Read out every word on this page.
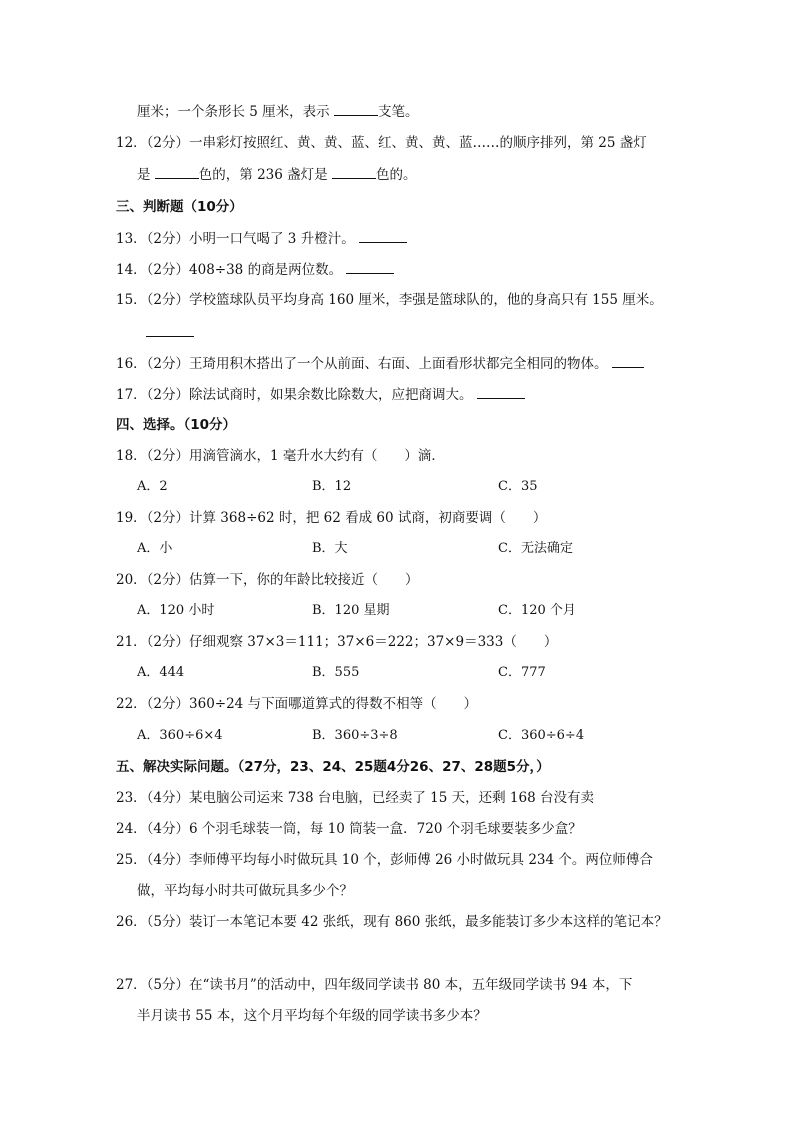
厘米；一个条形长 5 厘米，表示	支笔。
12．（2分）一串彩灯按照红、黄、黄、蓝、红、黄、黄、蓝……的顺序排列，第 25 盏灯
是	色的，第 236 盏灯是	色的。
三、判断题（10分）
13．（2分）小明一口气喝了 3 升橙汁。
14．（2分）408÷38 的商是两位数。
15．（2分）学校篮球队员平均身高 160 厘米，李强是篮球队的，他的身高只有 155 厘米。
16．（2分）王琦用积木搭出了一个从前面、右面、上面看形状都完全相同的物体。
17．（2分）除法试商时，如果余数比除数大，应把商调大。
四、选择。（10分）
18．（2分）用滴管滴水，1 毫升水大约有（　　）滴．
A．2	B．12	C．35
19．（2分）计算 368÷62 时，把 62 看成 60 试商，初商要调（　　）
A．小	B．大	C．无法确定
20．（2分）估算一下，你的年龄比较接近（　　）
A．120 小时	B．120 星期	C．120 个月
21．（2分）仔细观察 37×3＝111；37×6＝222；37×9＝333（　　）
A．444	B．555	C．777
22．（2分）360÷24 与下面哪道算式的得数不相等（　　）
A．360÷6×4	B．360÷3÷8	C．360÷6÷4
五、解决实际问题。（27分，23、24、25题4分26、27、28题5分，）
23．（4分）某电脑公司运来 738 台电脑，已经卖了 15 天，还剩 168 台没有卖
24．（4分）6 个羽毛球装一筒，每 10 筒装一盒．720 个羽毛球要装多少盒？
25．（4分）李师傅平均每小时做玩具 10 个，彭师傅 26 小时做玩具 234 个。两位师傅合
做，平均每小时共可做玩具多少个？
26．（5分）装订一本笔记本要 42 张纸，现有 860 张纸，最多能装订多少本这样的笔记本？
27．（5分）在“读书月”的活动中，四年级同学读书 80 本，五年级同学读书 94 本，下
半月读书 55 本，这个月平均每个年级的同学读书多少本？
